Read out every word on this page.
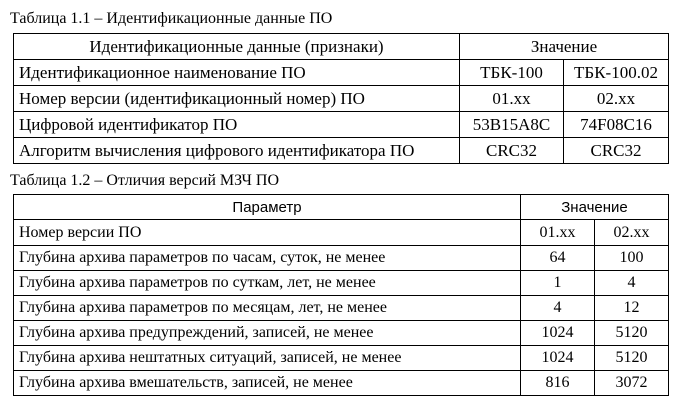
Таблица 1.1 – Идентификационные данные ПО
Идентификационные данные (признаки)	Значение	
Идентификационное наименование ПО	ТБК-100	ТБК-100.02
Номер версии (идентификационный номер) ПО	01.xx	02.xx
Цифровой идентификатор ПО	53B15A8C	74F08C16
Алгоритм вычисления цифрового идентификатора ПО	CRC32	CRC32
Таблица 1.2 – Отличия версий МЗЧ ПО
Параметр	Значение	
Номер версии ПО	01.xx	02.xx
Глубина архива параметров по часам, суток, не менее	64	100
Глубина архива параметров по суткам, лет, не менее	1	4
Глубина архива параметров по месяцам, лет, не менее	4	12
Глубина архива предупреждений, записей, не менее	1024	5120
Глубина архива нештатных ситуаций, записей, не менее	1024	5120
Глубина архива вмешательств, записей, не менее	816	3072
